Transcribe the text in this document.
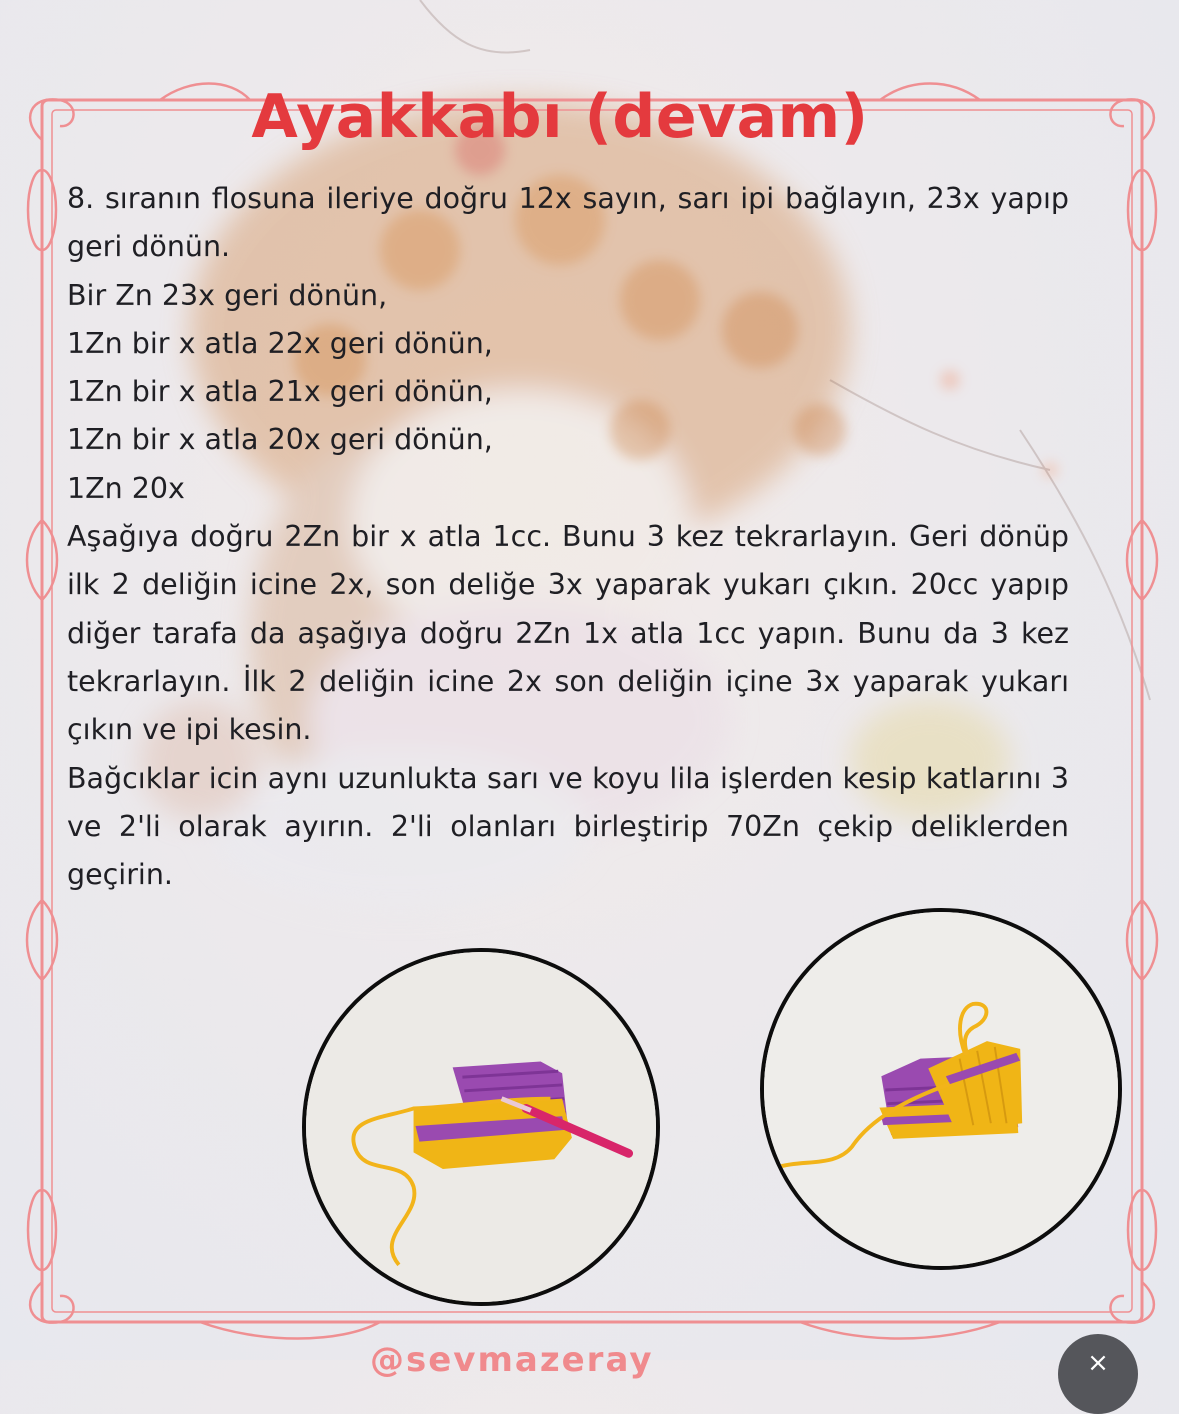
Ayakkabı (devam)

8. sıranın flosuna ileriye doğru 12x sayın, sarı ipi bağlayın, 23x yapıp geri dönün.

Bir Zn 23x geri dönün,

1Zn bir x atla 22x geri dönün,

1Zn bir x atla 21x geri dönün,

1Zn bir x atla 20x geri dönün,

1Zn 20x

Aşağıya doğru 2Zn bir x atla 1cc. Bunu 3 kez tekrarlayın. Geri dönüp ilk 2 deliğin icine 2x, son deliğe 3x yaparak yukarı çıkın. 20cc yapıp diğer tarafa da aşağıya doğru 2Zn 1x atla 1cc yapın. Bunu da 3 kez tekrarlayın. İlk 2 deliğin icine 2x son deliğin içine 3x yaparak yukarı çıkın ve ipi kesin.

Bağcıklar icin aynı uzunlukta sarı ve koyu lila işlerden kesip katlarını 3 ve 2'li olarak ayırın. 2'li olanları birleştirip 70Zn çekip deliklerden geçirin.

@sevmazeray	×
